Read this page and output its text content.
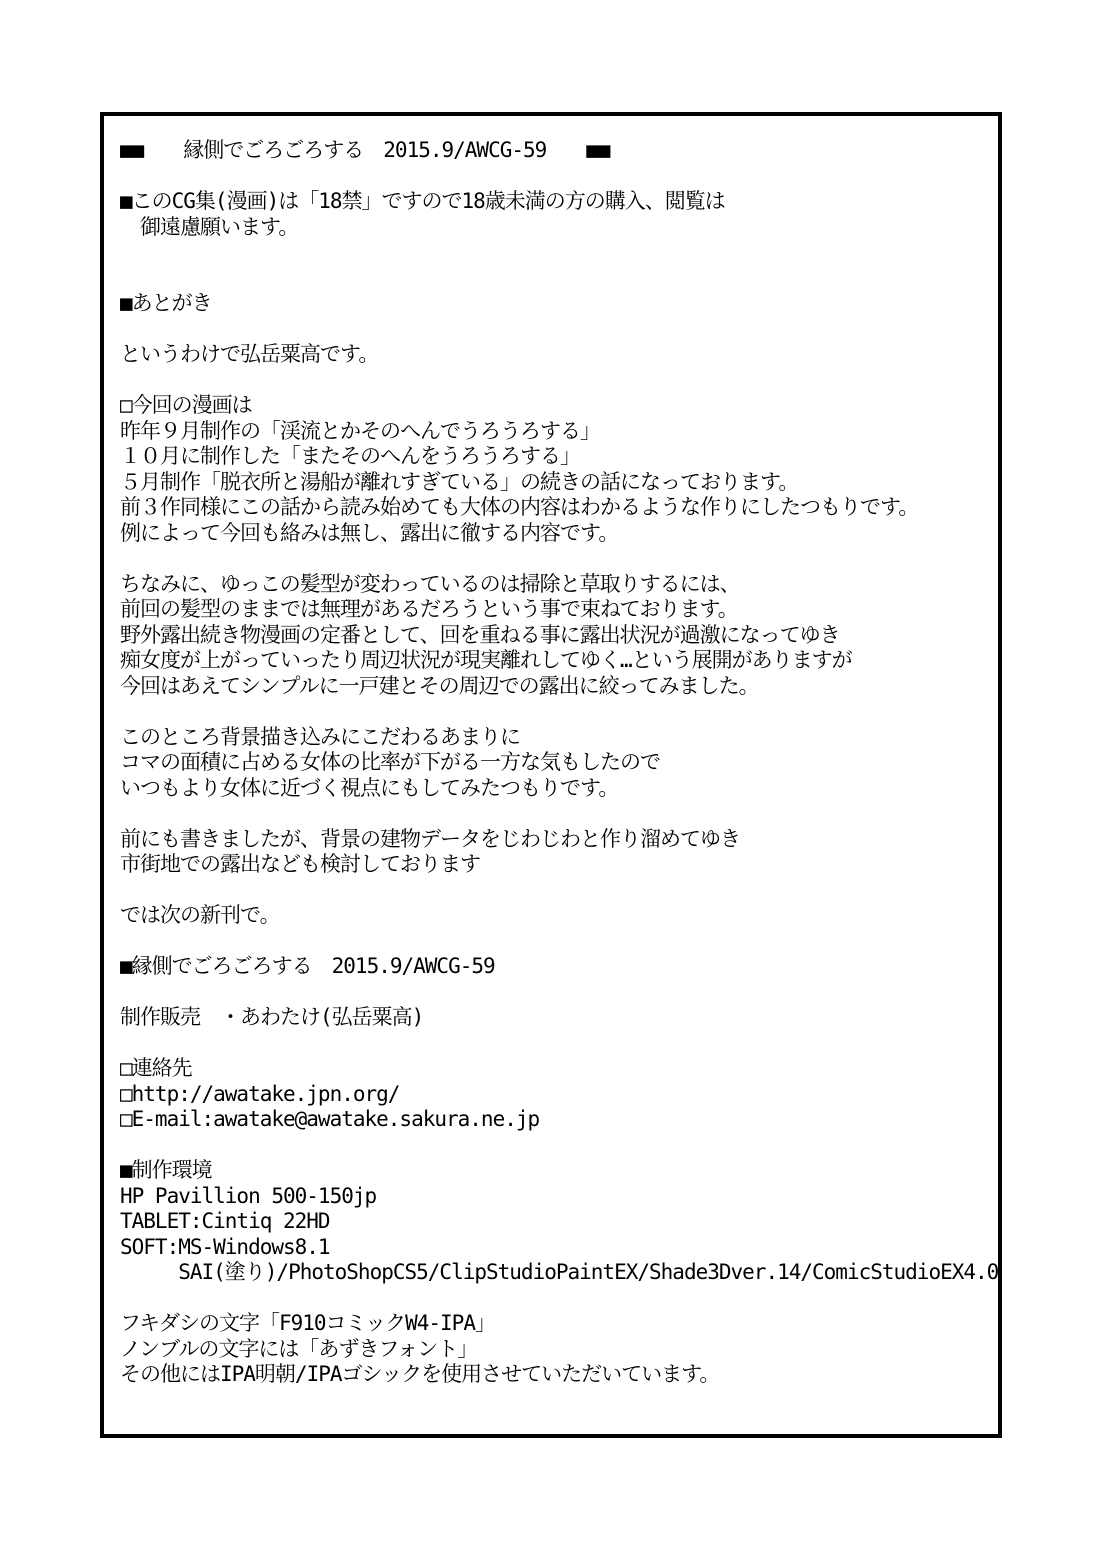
■■　　縁側でごろごろする　2015.9/AWCG-59　　■■
■このCG集(漫画)は「18禁」ですので18歳未満の方の購入、閲覧は
　御遠慮願います。
■あとがき
というわけで弘岳粟高です。
□今回の漫画は
昨年９月制作の「渓流とかそのへんでうろうろする」
１０月に制作した「またそのへんをうろうろする」
５月制作「脱衣所と湯船が離れすぎている」の続きの話になっております。
前３作同様にこの話から読み始めても大体の内容はわかるような作りにしたつもりです。
例によって今回も絡みは無し、露出に徹する内容です。
ちなみに、ゆっこの髪型が変わっているのは掃除と草取りするには、
前回の髪型のままでは無理があるだろうという事で束ねております。
野外露出続き物漫画の定番として、回を重ねる事に露出状況が過激になってゆき
痴女度が上がっていったり周辺状況が現実離れしてゆく…という展開がありますが
今回はあえてシンプルに一戸建とその周辺での露出に絞ってみました。
このところ背景描き込みにこだわるあまりに
コマの面積に占める女体の比率が下がる一方な気もしたので
いつもより女体に近づく視点にもしてみたつもりです。
前にも書きましたが、背景の建物データをじわじわと作り溜めてゆき
市街地での露出なども検討しております
では次の新刊で。
■縁側でごろごろする　2015.9/AWCG-59
制作販売　・あわたけ(弘岳粟高)
□連絡先
□http://awatake.jpn.org/
□E-mail:awatake@awatake.sakura.ne.jp
■制作環境
HP Pavillion 500-150jp
TABLET:Cintiq 22HD
SOFT:MS-Windows8.1
SAI(塗り)/PhotoShopCS5/ClipStudioPaintEX/Shade3Dver.14/ComicStudioEX4.0
フキダシの文字「F910コミックW4-IPA」
ノンブルの文字には「あずきフォント」
その他にはIPA明朝/IPAゴシックを使用させていただいています。
